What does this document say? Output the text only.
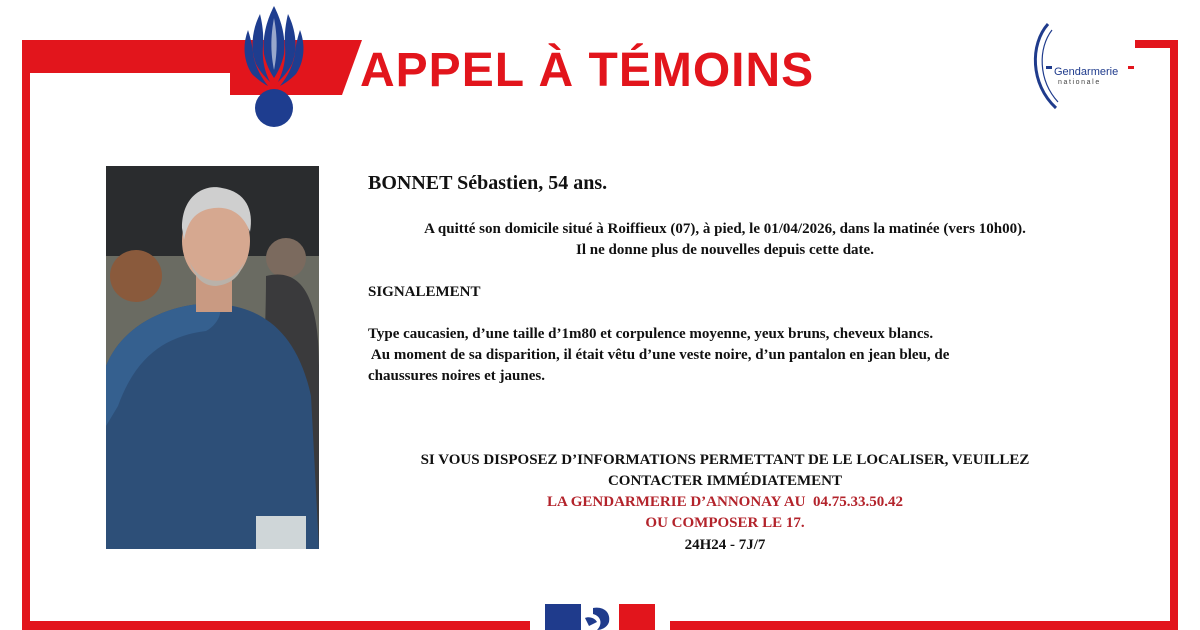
APPEL À TÉMOINS	Gendarmerie
nationale
BONNET Sébastien, 54 ans.
A quitté son domicile situé à Roiffieux (07), à pied, le 01/04/2026, dans la matinée (vers 10h00).
Il ne donne plus de nouvelles depuis cette date.
SIGNALEMENT
Type caucasien, d’une taille d’1m80 et corpulence moyenne, yeux bruns, cheveux blancs.
Au moment de sa disparition, il était vêtu d’une veste noire, d’un pantalon en jean bleu, de
chaussures noires et jaunes.
SI VOUS DISPOSEZ D’INFORMATIONS PERMETTANT DE LE LOCALISER, VEUILLEZ
CONTACTER IMMÉDIATEMENT
LA GENDARMERIE D’ANNONAY AU  04.75.33.50.42
OU COMPOSER LE 17.
24H24 - 7J/7
